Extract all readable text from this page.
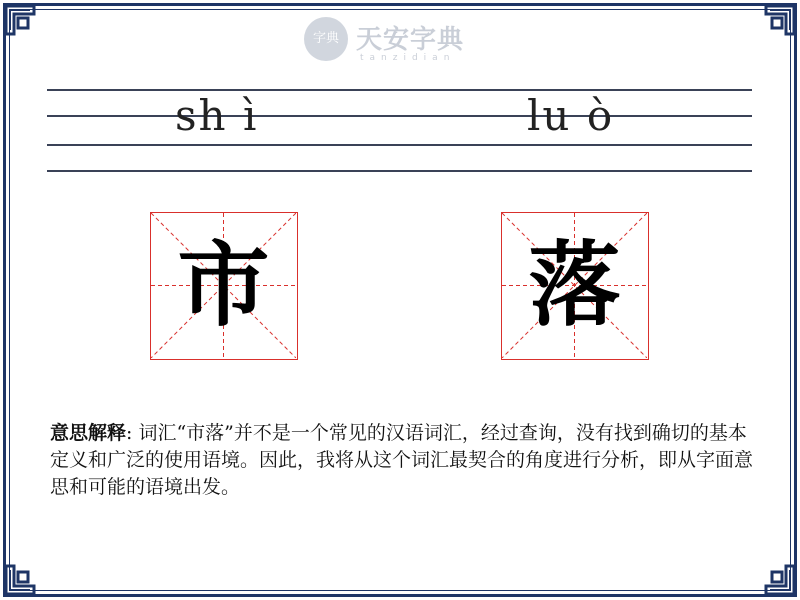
字典 天安字典
tanzidian
sh ì	lu ò
市	落
意思解释: 词汇“市落”并不是一个常见的汉语词汇，经过查询，没有找到确切的基本定义和广泛的使用语境。因此，我将从这个词汇最契合的角度进行分析，即从字面意思和可能的语境出发。
